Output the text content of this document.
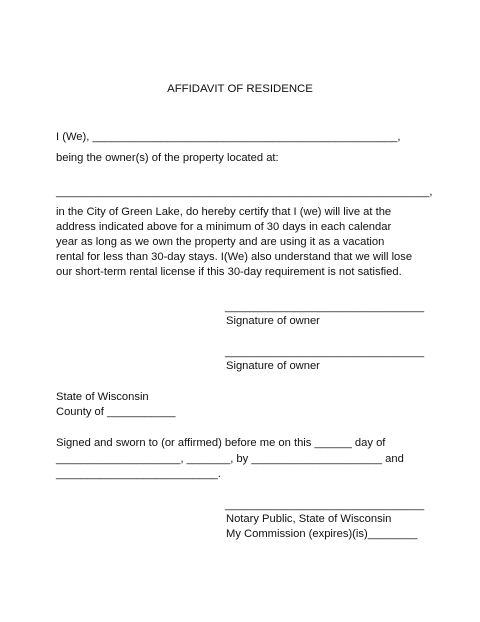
AFFIDAVIT OF RESIDENCE
I (We), _________________________________________________,
being the owner(s) of the property located at:
____________________________________________________________,
in the City of Green Lake, do hereby certify that I (we) will live at the
address indicated above for a minimum of 30 days in each calendar
year as long as we own the property and are using it as a vacation
rental for less than 30-day stays. I(We) also understand that we will lose
our short-term rental license if this 30-day requirement is not satisfied.
________________________________
Signature of owner
________________________________
Signature of owner
State of Wisconsin
County of ___________
Signed and sworn to (or affirmed) before me on this ______ day of
____________________, _______, by _____________________ and
__________________________.
________________________________
Notary Public, State of Wisconsin
My Commission (expires)(is)________
